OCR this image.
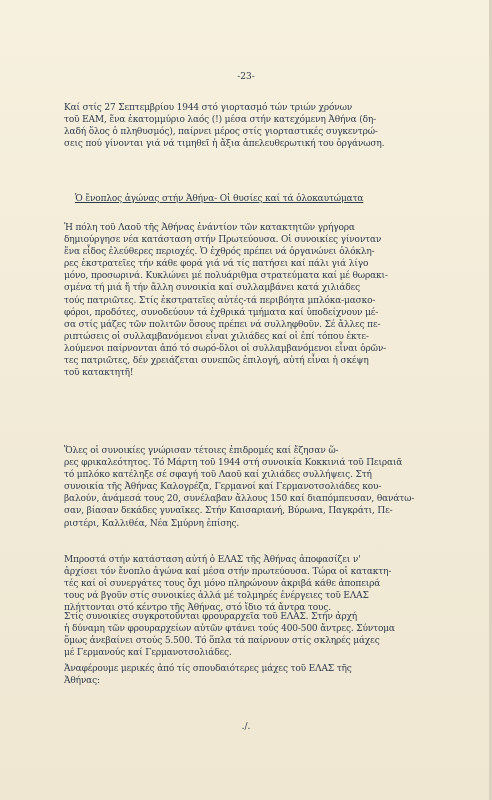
-23-

Καί στίς 27 Σεπτεμβρίου 1944 στό γιορτασμό τών τριών χρόνων
τοῦ ΕΑΜ, ἕνα ἑκατομμύριο λαός (!) μέσα στήν κατεχόμενη Ἀθήνα (δη-
λαδή ὅλος ὁ πληθυσμός), παίρνει μέρος στίς γιορταστικές συγκεντρώ-
σεις πού γίνονται γιά νά τιμηθεῖ ἡ ἄξια ἀπελευθερωτική του ὀργάνωση.

Ὁ ἔνοπλος ἀγώνας στήν Ἀθήνα- Οἱ θυσίες καί τά ὁλοκαυτώματα

Ἡ πόλη τοῦ Λαοῦ τῆς Ἀθήνας ἐνάντίον τῶν κατακτητῶν γρήγορα
δημιούργησε νέα κατάσταση στήν Πρωτεύουσα. Οἱ συνοικίες γίνονταν
ἕνα εἶδος ἐλεύθερες περιοχές. Ὁ ἐχθρός πρέπει νά ὀργανώνει ὁλόκλη-
ρες ἐκστρατεῖες τήν κάθε φορά γιά νά τίς πατήσει καί πάλι γιά λίγο
μόνο, προσωρινά. Κυκλώνει μέ πολυάριθμα στρατεύματα καί μέ θωρακι-
σμένα τή μιά ἤ τήν ἄλλη συνοικία καί συλλαμβάνει κατά χιλιάδες
τούς πατριῶτες. Στίς ἐκστρατεῖες αὐτές-τά περιβόητα μπλόκα-μασκο-
φόροι, προδότες, συνοδεύουν τά ἐχθρικά τμήματα καί ὑποδείχνουν μέ-
σα στίς μάζες τῶν πολιτῶν ὅσους πρέπει νά συλληφθοῦν. Σέ ἄλλες πε-
ριπτώσεις οἱ συλλαμβανόμενοι εἶναι χιλιάδες καί οἱ ἐπί τόπου ἐκτε-
λούμενοι παίρνονται ἀπό τό σωρό-ὅλοι οἱ συλλαμβανόμενοι εἶναι ὁρῶν-
τες πατριῶτες, δέν χρειάζεται συνεπῶς ἐπιλογή, αὐτή εἶναι ἡ σκέψη
τοῦ κατακτητῆ!

Ὅλες οἱ συνοικίες γνώρισαν τέτοιες ἐπιδρομές καί ἔζησαν ὥ-
ρες φρικαλεότητος. Τό Μάρτη τοῦ 1944 στή συνοικία Κοκκινιά τοῦ Πειραιᾶ
τό μπλόκο κατέληξε σέ σφαγή τοῦ Λαοῦ καί χιλιάδες συλλήψεις. Στή
συνοικία τῆς Ἀθήνας Καλογρέζα, Γερμανοί καί Γερμανοτσολιάδες κου-
βαλούν, ἀνάμεσά τους 20, συνέλαβαν ἄλλους 150 καί διαπόμπευσαν, θανάτω-
σαν, βίασαν δεκάδες γυναῖκες. Στήν Καισαριανή, Βύρωνα, Παγκράτι, Πε-
ριστέρι, Καλλιθέα, Νέα Σμύρνη ἐπίσης.

Μπροστά στήν κατάσταση αὐτή ὁ ΕΛΑΣ τῆς Ἀθήνας ἀποφασίζει ν'
ἀρχίσει τόν ἔνοπλο ἀγώνα καί μέσα στήν πρωτεύουσα. Τώρα οἱ κατακτη-
τές καί οἱ συνεργάτες τους ὄχι μόνο πληρώνουν ἀκριβά κάθε ἀποπειρά
τους νά βγοῦν στίς συνοικίες ἀλλά μέ τολμηρές ἐνέργειες τοῦ ΕΛΑΣ
πλήττονται στό κέντρο τῆς Ἀθήνας, στό ἴδιο τά ἄντρα τους.

Στίς συνοικίες συγκροτοῦνται φρουραρχεῖα τοῦ ΕΛΑΣ. Στήν ἀρχή
ἡ δύναμη τῶν φρουραρχείων αὐτῶν φτάνει τούς 400-500 ἄντρες. Σύντομα
ὅμως ἀνεβαίνει στούς 5.500. Τό ὅπλα τά παίρνουν στίς σκληρές μάχες
μέ Γερμανούς καί Γερμανοτσολιάδες.

Ἀναφέρουμε μερικές ἀπό τίς σπουδαιότερες μάχες τοῦ ΕΛΑΣ τῆς
Ἀθήνας:

./.
